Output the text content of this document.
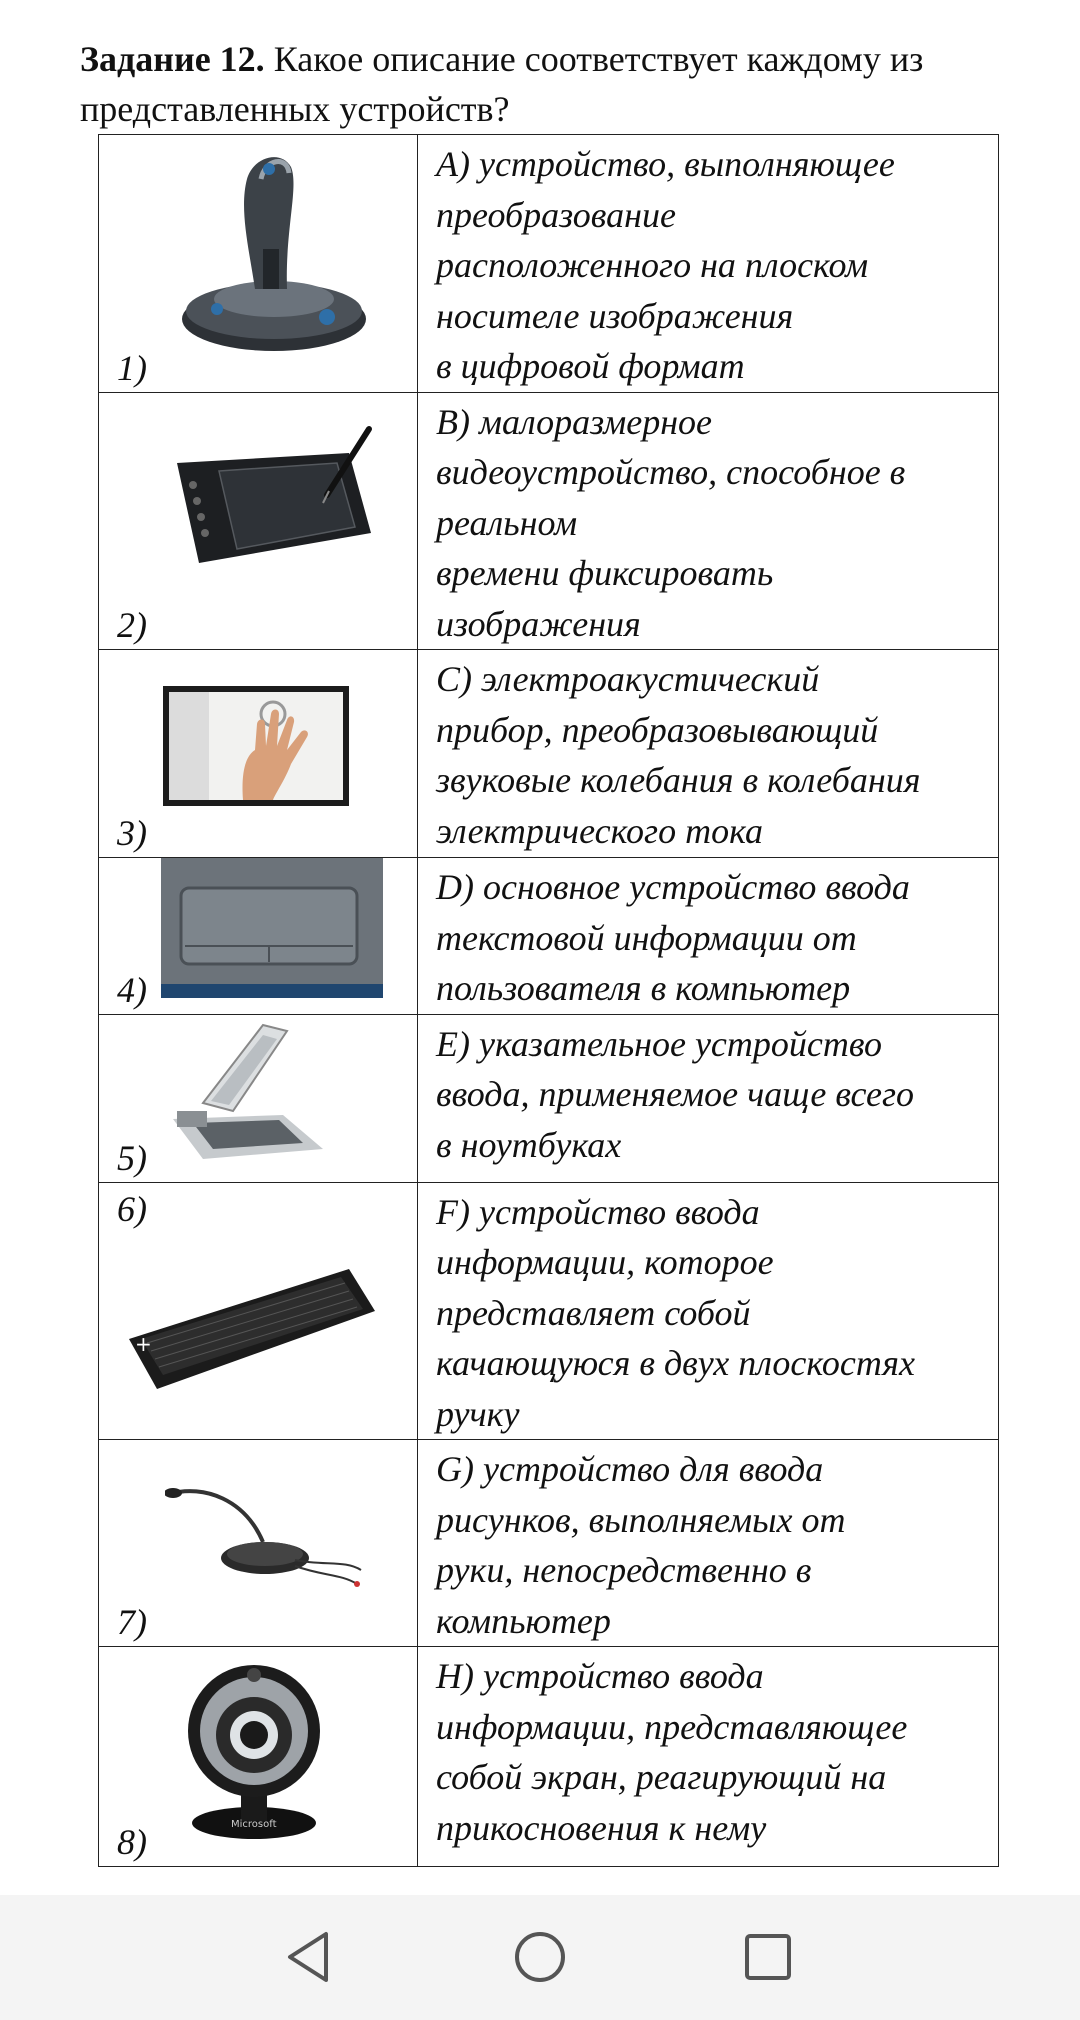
Задание 12. Какое описание соответствует каждому из представленных устройств?
1)	А) устройство, выполняющее
преобразование
расположенного на плоском
носителе изображения
в цифровой формат

2)	В) малоразмерное
видеоустройство, способное в
реальном
времени фиксировать
изображения

3)	С) электроакустический
прибор, преобразовывающий
звуковые колебания в колебания
электрического тока

4)	D) основное устройство ввода
текстовой информации от
пользователя в компьютер

5)	Е) указательное устройство
ввода, применяемое чаще всего
в ноутбуках

+
6)	F) устройство ввода
информации, которое
представляет собой
качающуюся в двух плоскостях
ручку

7)	G) устройство для ввода
рисунков, выполняемых от
руки, непосредственно в
компьютер

Microsoft
8)	Н) устройство ввода
информации, представляющее
собой экран, реагирующий на
прикосновения к нему
